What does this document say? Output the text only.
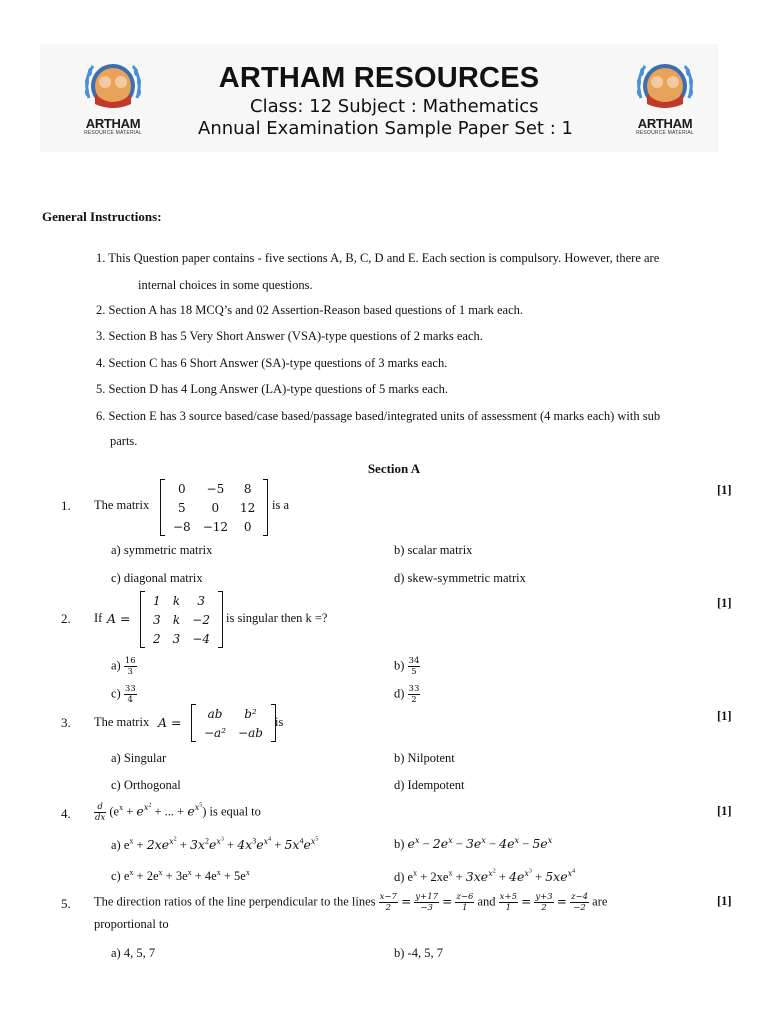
ARTHAM
RESOURCE MATERIAL
ARTHAM RESOURCES
Class: 12 Subject : Mathematics
Annual Examination Sample Paper Set : 1	ARTHAM
RESOURCE MATERIAL
General Instructions:
1. This Question paper contains - five sections A, B, C, D and E. Each section is compulsory. However, there are
internal choices in some questions.
2. Section A has 18 MCQ’s and 02 Assertion-Reason based questions of 1 mark each.
3. Section B has 5 Very Short Answer (VSA)-type questions of 2 marks each.
4. Section C has 6 Short Answer (SA)-type questions of 3 marks each.
5. Section D has 4 Long Answer (LA)-type questions of 5 marks each.
6. Section E has 3 source based/case based/passage based/integrated units of assessment (4 marks each) with sub
parts.
Section A
1. The matrix
0	−5	8
5	0	12
−8	−12	0
is a
[1]
a) symmetric matrix	b) scalar matrix
c) diagonal matrix	d) skew-symmetric matrix
2. If A =
1	k	3
3	k	−2
2	3	−4
is singular then k =?
[1]
$a) \frac{16}{3}$	$b) \frac{34}{5}$
$c) \frac{33}{4}$	$d) \frac{33}{2}$
3. The matrix A =
ab	b²
−a²	−ab
is	[1]
a) Singular	b) Nilpotent
c) Orthogonal	d) Idempotent
4.	$\frac{d}{dx} (e^x + e^{x^2}$ + ... + $e^{x^5}$) is equal to	[1]
a) $e^x + 2xe^{x^2} + 3x^2e^{x^3} + 4x^3e^{x^4} + 5x^4e^{x^5}$	b) $e^x - 2e^x - 3e^x - 4e^x - 5e^x$
c) $e^x + 2e^x + 3e^x + 4e^x + 5e^x$	d) $e^x + 2xe^x + 3xe^{x^2} + 4e^{x^3} + 5xe^{x^4}$
5. The direction ratios of the line perpendicular to the lines $\frac{x-7}{2} = \frac{y+17}{-3} = \frac{z-6}{1}$ and $\frac{x+5}{1} = \frac{y+3}{2} = \frac{z-4}{-2}$ are
proportional to
[1]
a) 4, 5, 7	b) -4, 5, 7
